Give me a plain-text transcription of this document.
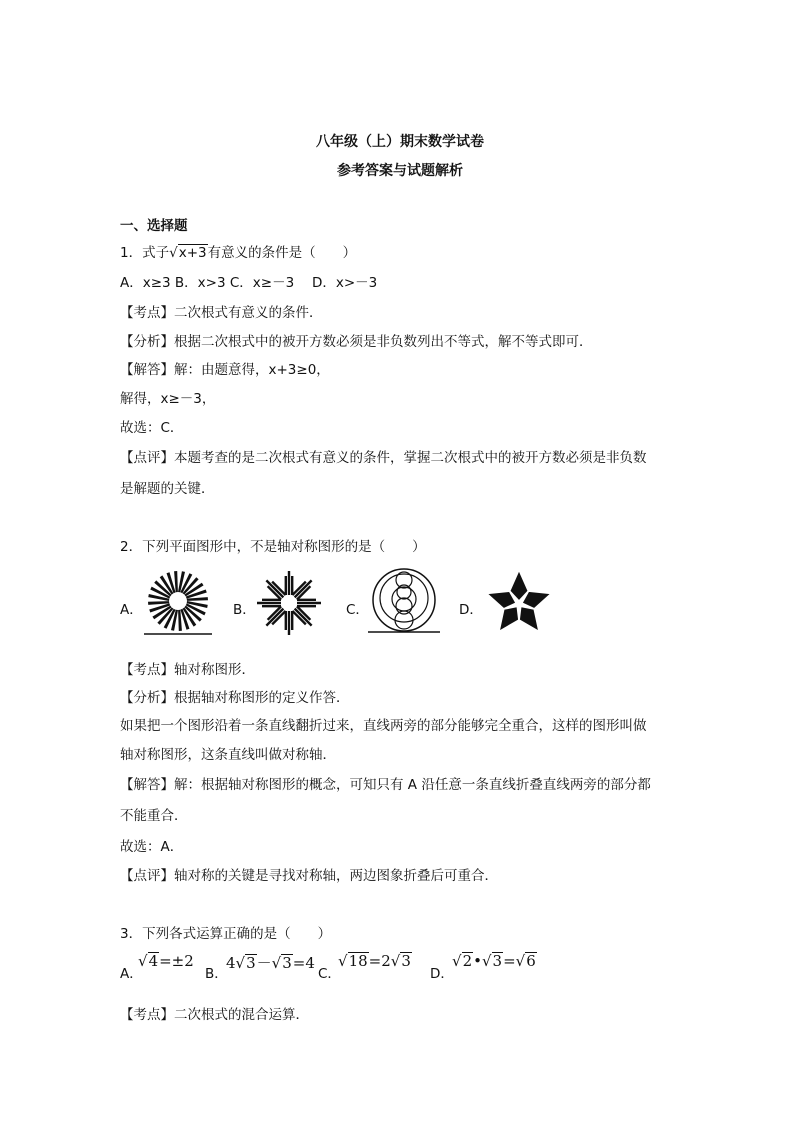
八年级（上）期末数学试卷
参考答案与试题解析
一、选择题
1．式子√x+3有意义的条件是（　　）
A．x≥3 B．x>3 C．x≥－3 　D．x>－3
【考点】二次根式有意义的条件．
【分析】根据二次根式中的被开方数必须是非负数列出不等式，解不等式即可．
【解答】解：由题意得，x+3≥0，
解得，x≥－3，
故选：C．
【点评】本题考查的是二次根式有意义的条件，掌握二次根式中的被开方数必须是非负数
是解题的关键．
2．下列平面图形中，不是轴对称图形的是（　　）
A．	B．	C．	D．
【考点】轴对称图形．
【分析】根据轴对称图形的定义作答．
如果把一个图形沿着一条直线翻折过来，直线两旁的部分能够完全重合，这样的图形叫做
轴对称图形，这条直线叫做对称轴．
【解答】解：根据轴对称图形的概念，可知只有 A 沿任意一条直线折叠直线两旁的部分都
不能重合．
故选：A．
【点评】轴对称的关键是寻找对称轴，两边图象折叠后可重合．
3．下列各式运算正确的是（　　）
A．
√4=±2
B．
4√3－√3=4
C．
√18=2√3
D．
√2•√3=√6
【考点】二次根式的混合运算．
